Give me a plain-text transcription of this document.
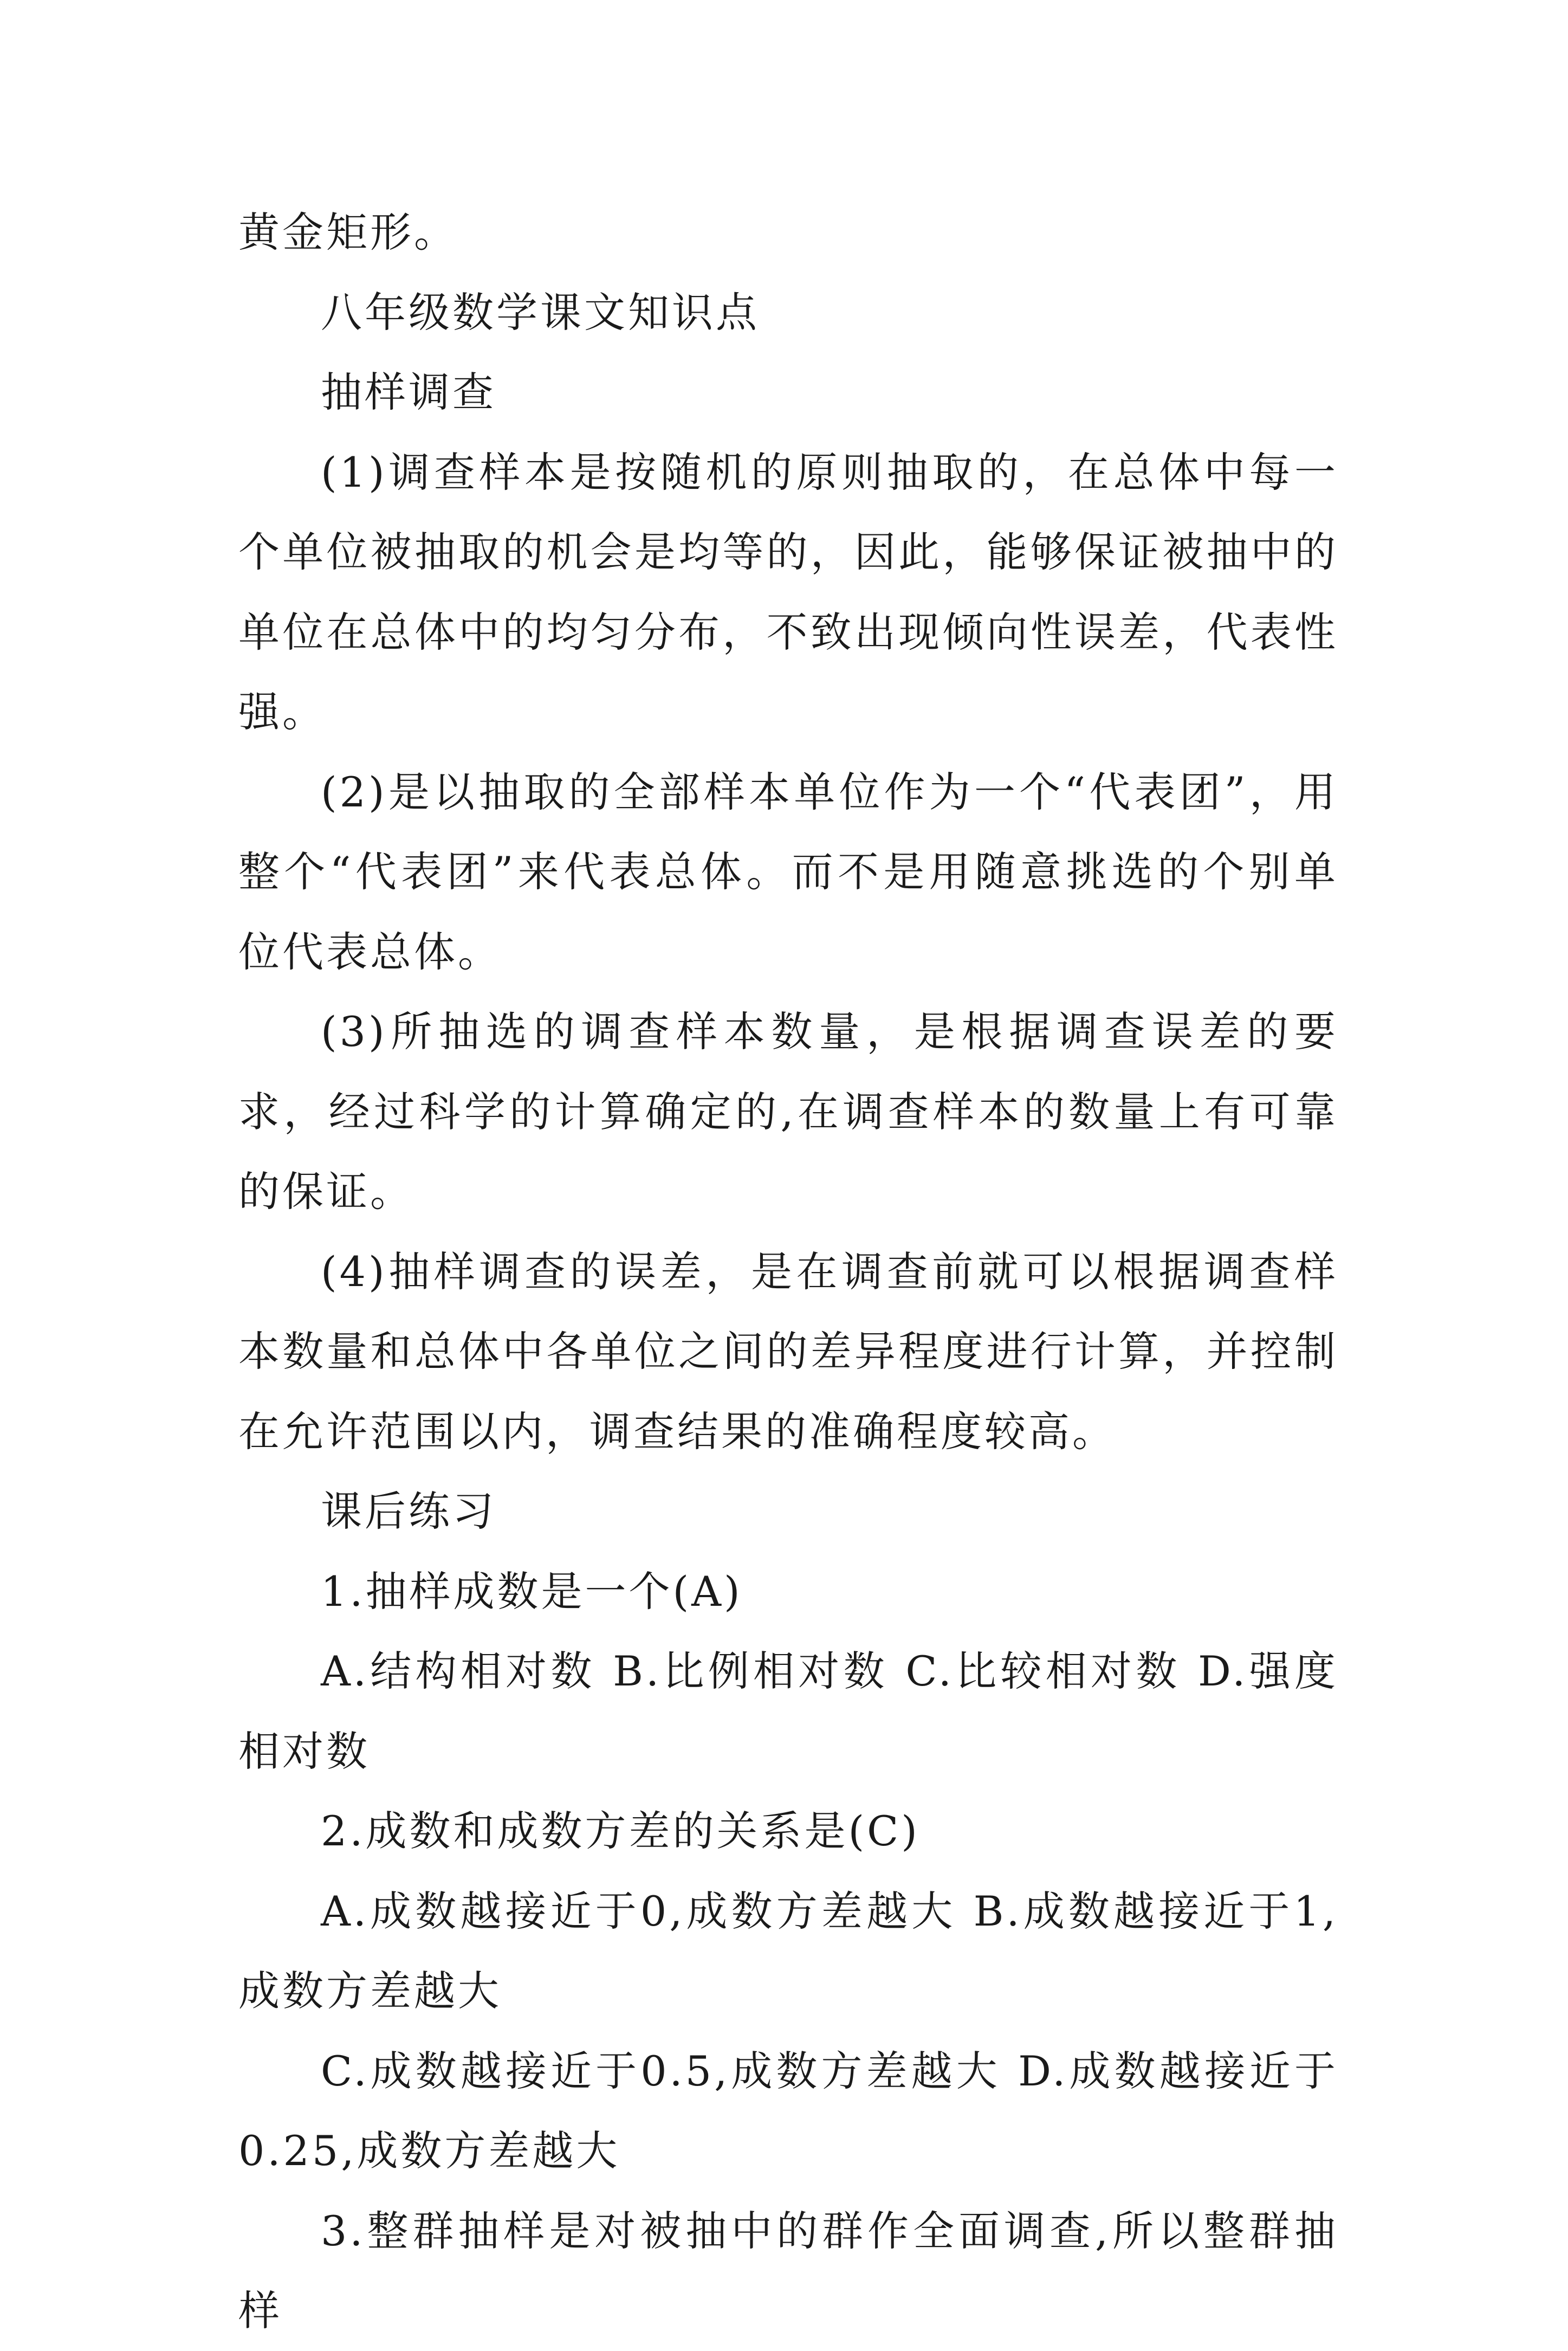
黄金矩形。

八年级数学课文知识点

抽样调查

(1)调查样本是按随机的原则抽取的，在总体中每一个单位被抽取的机会是均等的，因此，能够保证被抽中的单位在总体中的均匀分布，不致出现倾向性误差，代表性强。

(2)是以抽取的全部样本单位作为一个“代表团”，用整个“代表团”来代表总体。而不是用随意挑选的个别单位代表总体。

(3)所抽选的调查样本数量，是根据调查误差的要求，经过科学的计算确定的,在调查样本的数量上有可靠的保证。

(4)抽样调查的误差，是在调查前就可以根据调查样本数量和总体中各单位之间的差异程度进行计算，并控制在允许范围以内，调查结果的准确程度较高。

课后练习

1.抽样成数是一个(A)

A.结构相对数 B.比例相对数 C.比较相对数 D.强度相对数

2.成数和成数方差的关系是(C)

A.成数越接近于0,成数方差越大 B.成数越接近于1,成数方差越大

C.成数越接近于0.5,成数方差越大 D.成数越接近于0.25,成数方差越大

3.整群抽样是对被抽中的群作全面调查,所以整群抽样
